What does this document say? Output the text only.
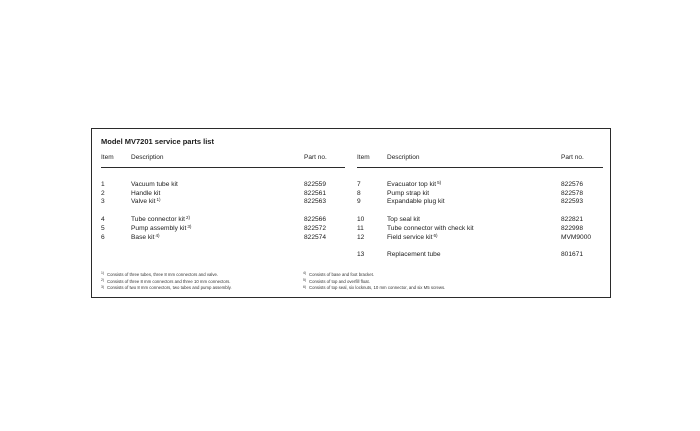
Model MV7201 service parts list
Item	Description	Part no.
1	Vacuum tube kit	822559
2	Handle kit	822561
3	Valve kit$^{1)}$	822563
4	Tube connector kit$^{2)}$	822566
5	Pump assembly kit$^{3)}$	822572
6	Base kit$^{4)}$	822574
Item	Description	Part no.
7	Evacuator top kit$^{5)}$	822576
8	Pump strap kit	822578
9	Expandable plug kit	822593
10	Top seal kit	822821
11	Tube connector with check kit	822998
12	Field service kit$^{6)}$	MVM9000
13	Replacement tube	801671
$^{1)}$ Consists of three tubes, three 8 mm connectors and valve.
$^{2)}$ Consists of three 8 mm connectors and three 10 mm connectors.
$^{3)}$ Consists of two 8 mm connectors, two tubes and pump assembly.
$^{4)}$ Consists of base and foot bracket.
$^{5)}$ Consists of top and overfill float.
$^{6)}$ Consists of top seal, six locknuts, 10 mm connector, and six M5 screws.
